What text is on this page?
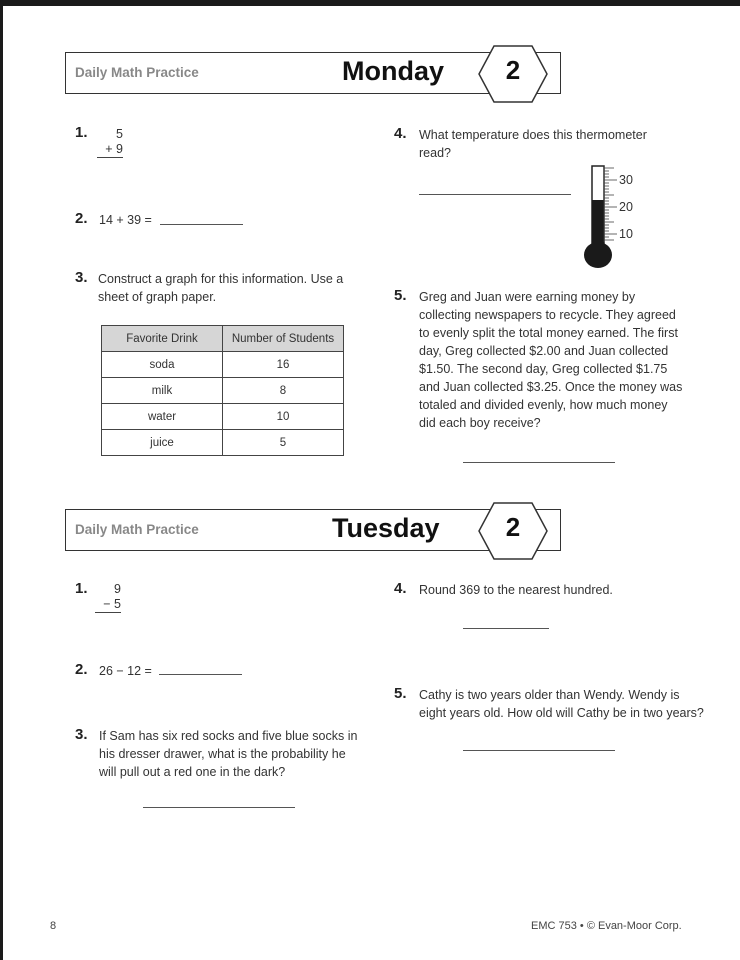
Daily Math Practice	Monday	2
1.	5
+ 9
2. 14 + 39 =
3. Construct a graph for this information. Use a sheet of graph paper.
Favorite Drink	Number of Students
soda	16
milk	8
water	10
juice	5
4. What temperature does this thermometer read?
30
20
10
5. Greg and Juan were earning money by collecting newspapers to recycle. They agreed to evenly split the total money earned. The first day, Greg collected $2.00 and Juan collected $1.50. The second day, Greg collected $1.75 and Juan collected $3.25. Once the money was totaled and divided evenly, how much money did each boy receive?
Daily Math Practice	Tuesday	2
1.	9
− 5
2. 26 − 12 =
3. If Sam has six red socks and five blue socks in his dresser drawer, what is the probability he will pull out a red one in the dark?
4. Round 369 to the nearest hundred.
5. Cathy is two years older than Wendy. Wendy is eight years old. How old will Cathy be in two years?
8	EMC 753 • © Evan-Moor Corp.
